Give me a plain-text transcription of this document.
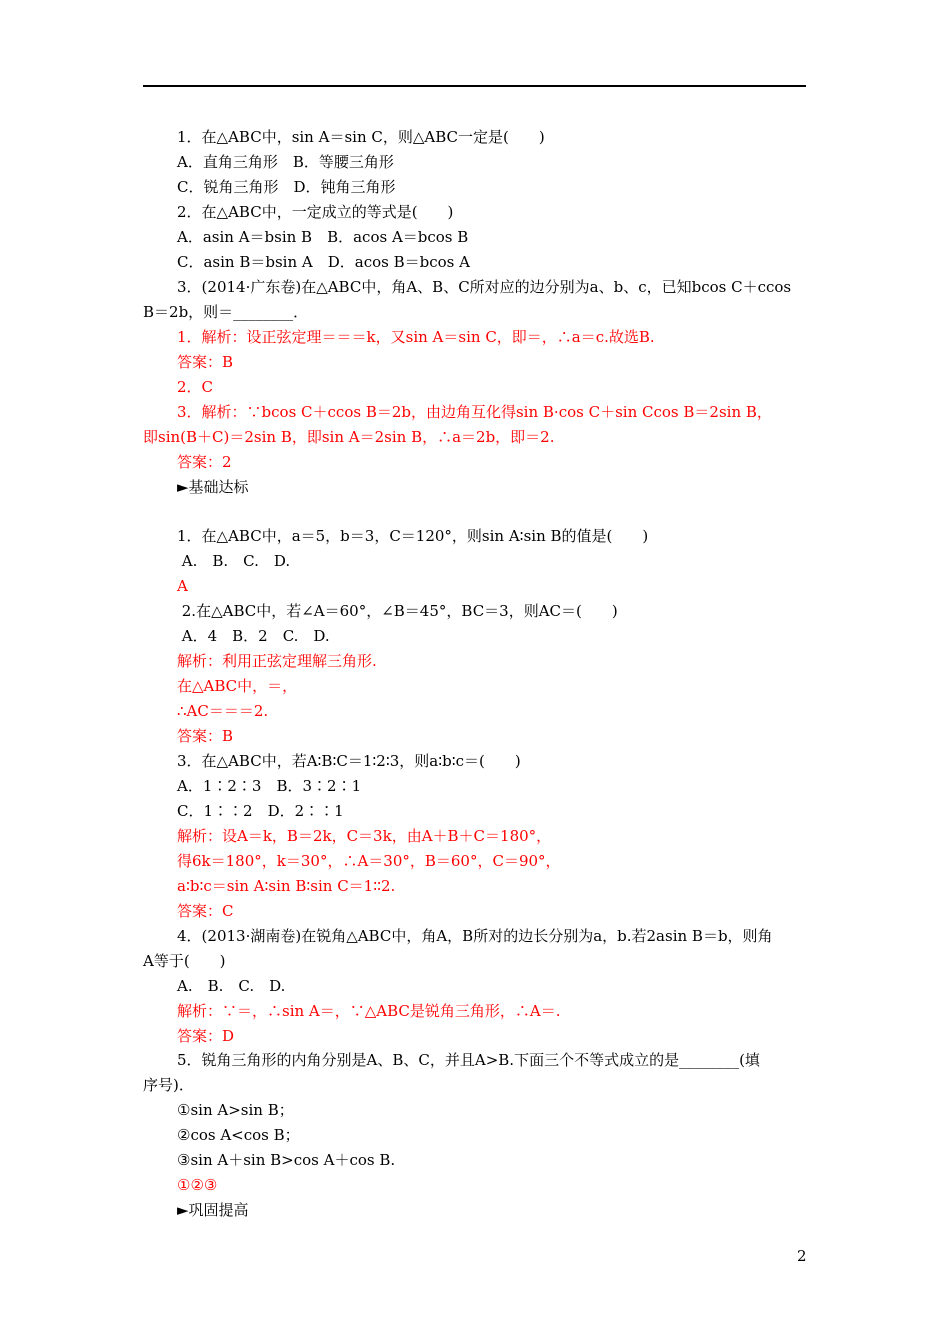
1．在△ABC中，sin A＝sin C，则△ABC一定是(　　)
A．直角三角形　B．等腰三角形
C．锐角三角形　D．钝角三角形
2．在△ABC中，一定成立的等式是(　　)
A．asin A＝bsin B　B．acos A＝bcos B
C．asin B＝bsin A　D．acos B＝bcos A
3．(2014·广东卷)在△ABC中，角A、B、C所对应的边分别为a、b、c，已知bcos C＋ccos
B＝2b，则＝________．
1．解析：设正弦定理＝＝＝k，又sin A＝sin C，即＝，∴a＝c.故选B.
答案：B
2．C
3．解析：∵bcos C＋ccos B＝2b，由边角互化得sin B·cos C＋sin Ccos B＝2sin B，
即sin(B＋C)＝2sin B，即sin A＝2sin B，∴a＝2b，即＝2.
答案：2
►基础达标
1．在△ABC中，a＝5，b＝3，C＝120°，则sin A∶sin B的值是(　　)
A.　B.　C.　D.
A
2.在△ABC中，若∠A＝60°，∠B＝45°，BC＝3，则AC＝(　　)
A．4　B．2　C.　D.
解析：利用正弦定理解三角形.
在△ABC中，＝，
∴AC＝＝＝2.
答案：B
3．在△ABC中，若A∶B∶C＝1∶2∶3，则a∶b∶c＝(　　)
A．1∶2∶3　B．3∶2∶1
C．1∶∶2　D．2∶∶1
解析：设A＝k，B＝2k，C＝3k，由A＋B＋C＝180°，
得6k＝180°，k＝30°，∴A＝30°，B＝60°，C＝90°，
a∶b∶c＝sin A∶sin B∶sin C＝1∶∶2.
答案：C
4．(2013·湖南卷)在锐角△ABC中，角A，B所对的边长分别为a，b.若2asin B＝b，则角
A等于(　　)
A.　B.　C.　D.
解析：∵＝，∴sin A＝，∵△ABC是锐角三角形，∴A＝.
答案：D
5．锐角三角形的内角分别是A、B、C，并且A>B.下面三个不等式成立的是________(填
序号)．
①sin A>sin B；
②cos A<cos B；
③sin A＋sin B>cos A＋cos B.
①②③
►巩固提高
2
